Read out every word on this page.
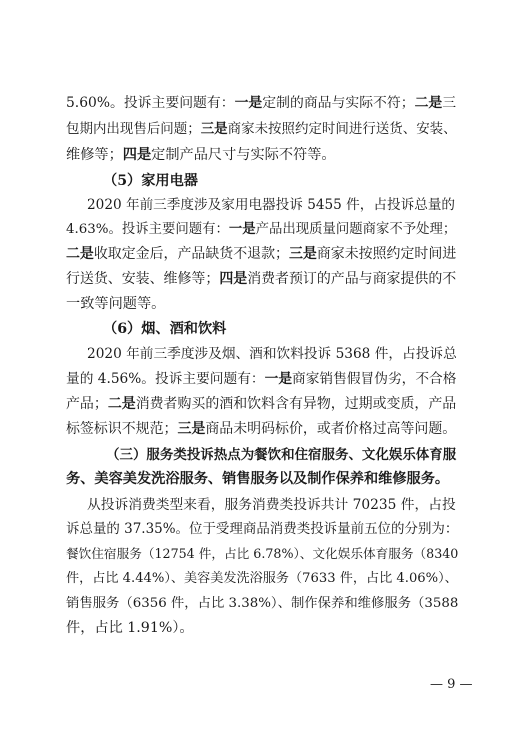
5.60%。投诉主要问题有：一是定制的商品与实际不符；二是三
包期内出现售后问题；三是商家未按照约定时间进行送货、安装、
维修等；四是定制产品尺寸与实际不符等。
（5）家用电器
2020 年前三季度涉及家用电器投诉 5455 件，占投诉总量的
4.63%。投诉主要问题有：一是产品出现质量问题商家不予处理；
二是收取定金后，产品缺货不退款；三是商家未按照约定时间进
行送货、安装、维修等；四是消费者预订的产品与商家提供的不
一致等问题等。
（6）烟、酒和饮料
2020 年前三季度涉及烟、酒和饮料投诉 5368 件，占投诉总
量的 4.56%。投诉主要问题有：一是商家销售假冒伪劣，不合格
产品；二是消费者购买的酒和饮料含有异物，过期或变质，产品
标签标识不规范；三是商品未明码标价，或者价格过高等问题。
（三）服务类投诉热点为餐饮和住宿服务、文化娱乐体育服
务、美容美发洗浴服务、销售服务以及制作保养和维修服务。
从投诉消费类型来看，服务消费类投诉共计 70235 件，占投
诉总量的 37.35%。位于受理商品消费类投诉量前五位的分别为：
餐饮住宿服务（12754 件，占比 6.78%）、文化娱乐体育服务（8340
件，占比 4.44%）、美容美发洗浴服务（7633 件，占比 4.06%）、
销售服务（6356 件，占比 3.38%）、制作保养和维修服务（3588
件，占比 1.91%）。
— 9 —
